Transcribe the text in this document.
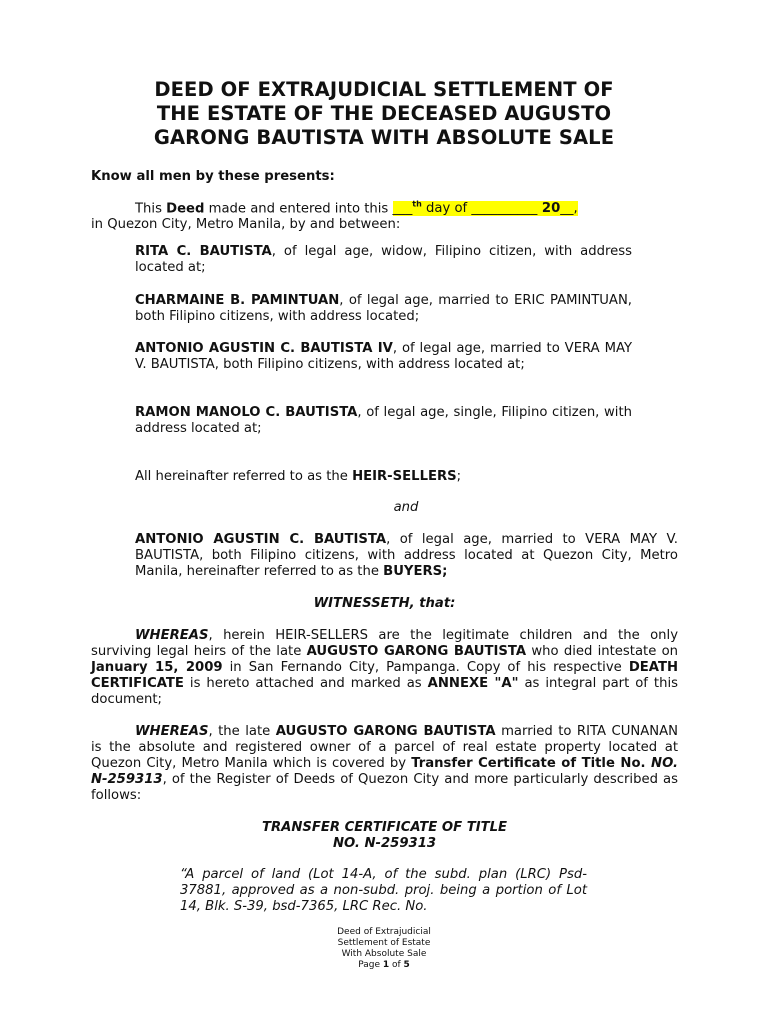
DEED OF EXTRAJUDICIAL SETTLEMENT OF
THE ESTATE OF THE DECEASED AUGUSTO
GARONG BAUTISTA WITH ABSOLUTE SALE
Know all men by these presents:
This Deed made and entered into this ___$^{th}$ day of __________ 20__,
in Quezon City, Metro Manila, by and between:
RITA C. BAUTISTA, of legal age, widow, Filipino citizen, with address located at;
CHARMAINE B. PAMINTUAN, of legal age, married to ERIC PAMINTUAN, both Filipino citizens, with address located;
ANTONIO AGUSTIN C. BAUTISTA IV, of legal age, married to VERA MAY V. BAUTISTA, both Filipino citizens, with address located at;
RAMON MANOLO C. BAUTISTA, of legal age, single, Filipino citizen, with address located at;
All hereinafter referred to as the HEIR-SELLERS;
and
ANTONIO AGUSTIN C. BAUTISTA, of legal age, married to VERA MAY V. BAUTISTA, both Filipino citizens, with address located at Quezon City, Metro Manila, hereinafter referred to as the BUYERS;
WITNESSETH, that:
WHEREAS, herein HEIR-SELLERS are the legitimate children and the only surviving legal heirs of the late AUGUSTO GARONG BAUTISTA who died intestate on January 15, 2009 in San Fernando City, Pampanga. Copy of his respective DEATH CERTIFICATE is hereto attached and marked as ANNEXE "A" as integral part of this document;
WHEREAS, the late AUGUSTO GARONG BAUTISTA married to RITA CUNANAN is the absolute and registered owner of a parcel of real estate property located at Quezon City, Metro Manila which is covered by Transfer Certificate of Title No. NO. N-259313, of the Register of Deeds of Quezon City and more particularly described as follows:
TRANSFER CERTIFICATE OF TITLE
NO. N-259313
“A parcel of land (Lot 14-A, of the subd. plan (LRC) Psd-37881, approved as a non-subd. proj. being a portion of Lot 14, Blk. S-39, bsd-7365, LRC Rec. No.
Deed of Extrajudicial
Settlement of Estate
With Absolute Sale
Page 1 of 5
